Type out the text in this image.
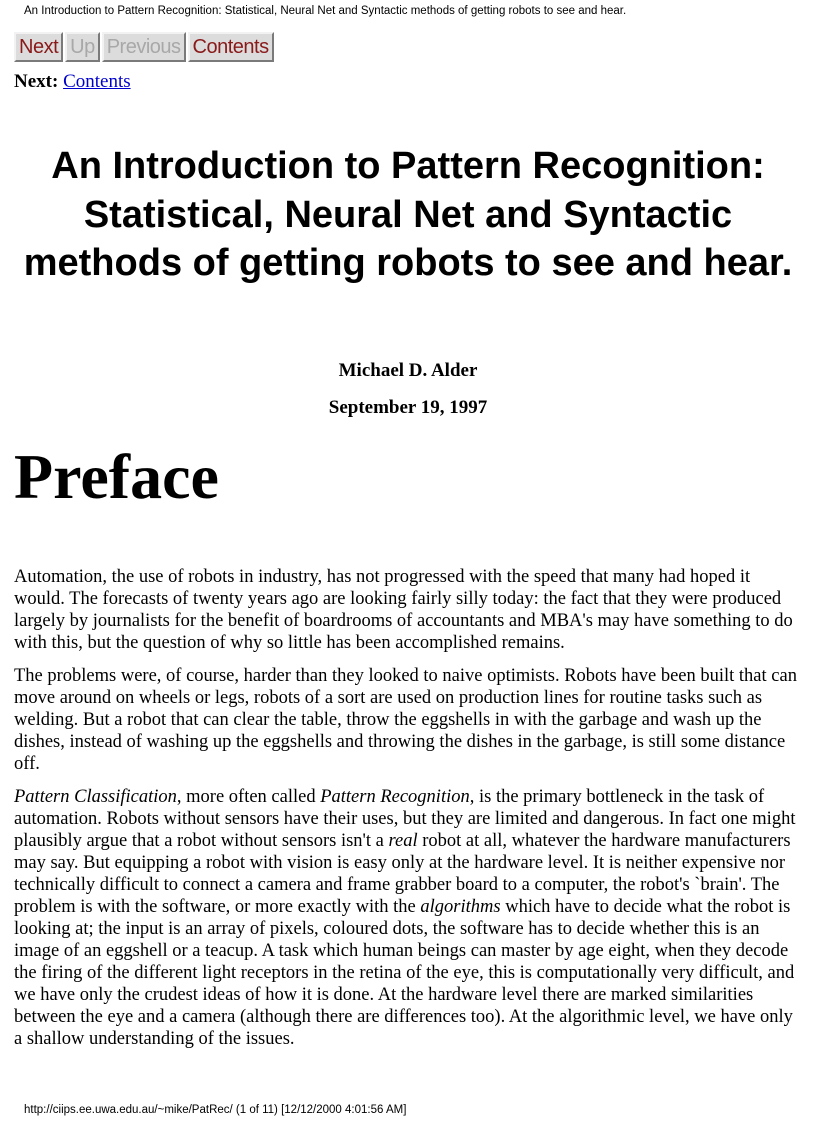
An Introduction to Pattern Recognition: Statistical, Neural Net and Syntactic methods of getting robots to see and hear.
Next Up Previous Contents
Next: Contents
An Introduction to Pattern Recognition: Statistical, Neural Net and Syntactic methods of getting robots to see and hear.
Michael D. Alder
September 19, 1997
Preface

Automation, the use of robots in industry, has not progressed with the speed that many had hoped it would. The forecasts of twenty years ago are looking fairly silly today: the fact that they were produced largely by journalists for the benefit of boardrooms of accountants and MBA's may have something to do with this, but the question of why so little has been accomplished remains.

The problems were, of course, harder than they looked to naive optimists. Robots have been built that can move around on wheels or legs, robots of a sort are used on production lines for routine tasks such as welding. But a robot that can clear the table, throw the eggshells in with the garbage and wash up the dishes, instead of washing up the eggshells and throwing the dishes in the garbage, is still some distance off.

Pattern Classification, more often called Pattern Recognition, is the primary bottleneck in the task of automation. Robots without sensors have their uses, but they are limited and dangerous. In fact one might plausibly argue that a robot without sensors isn't a real robot at all, whatever the hardware manufacturers may say. But equipping a robot with vision is easy only at the hardware level. It is neither expensive nor technically difficult to connect a camera and frame grabber board to a computer, the robot's `brain'. The problem is with the software, or more exactly with the algorithms which have to decide what the robot is looking at; the input is an array of pixels, coloured dots, the software has to decide whether this is an image of an eggshell or a teacup. A task which human beings can master by age eight, when they decode the firing of the different light receptors in the retina of the eye, this is computationally very difficult, and we have only the crudest ideas of how it is done. At the hardware level there are marked similarities between the eye and a camera (although there are differences too). At the algorithmic level, we have only a shallow understanding of the issues.

http://ciips.ee.uwa.edu.au/~mike/PatRec/ (1 of 11) [12/12/2000 4:01:56 AM]
